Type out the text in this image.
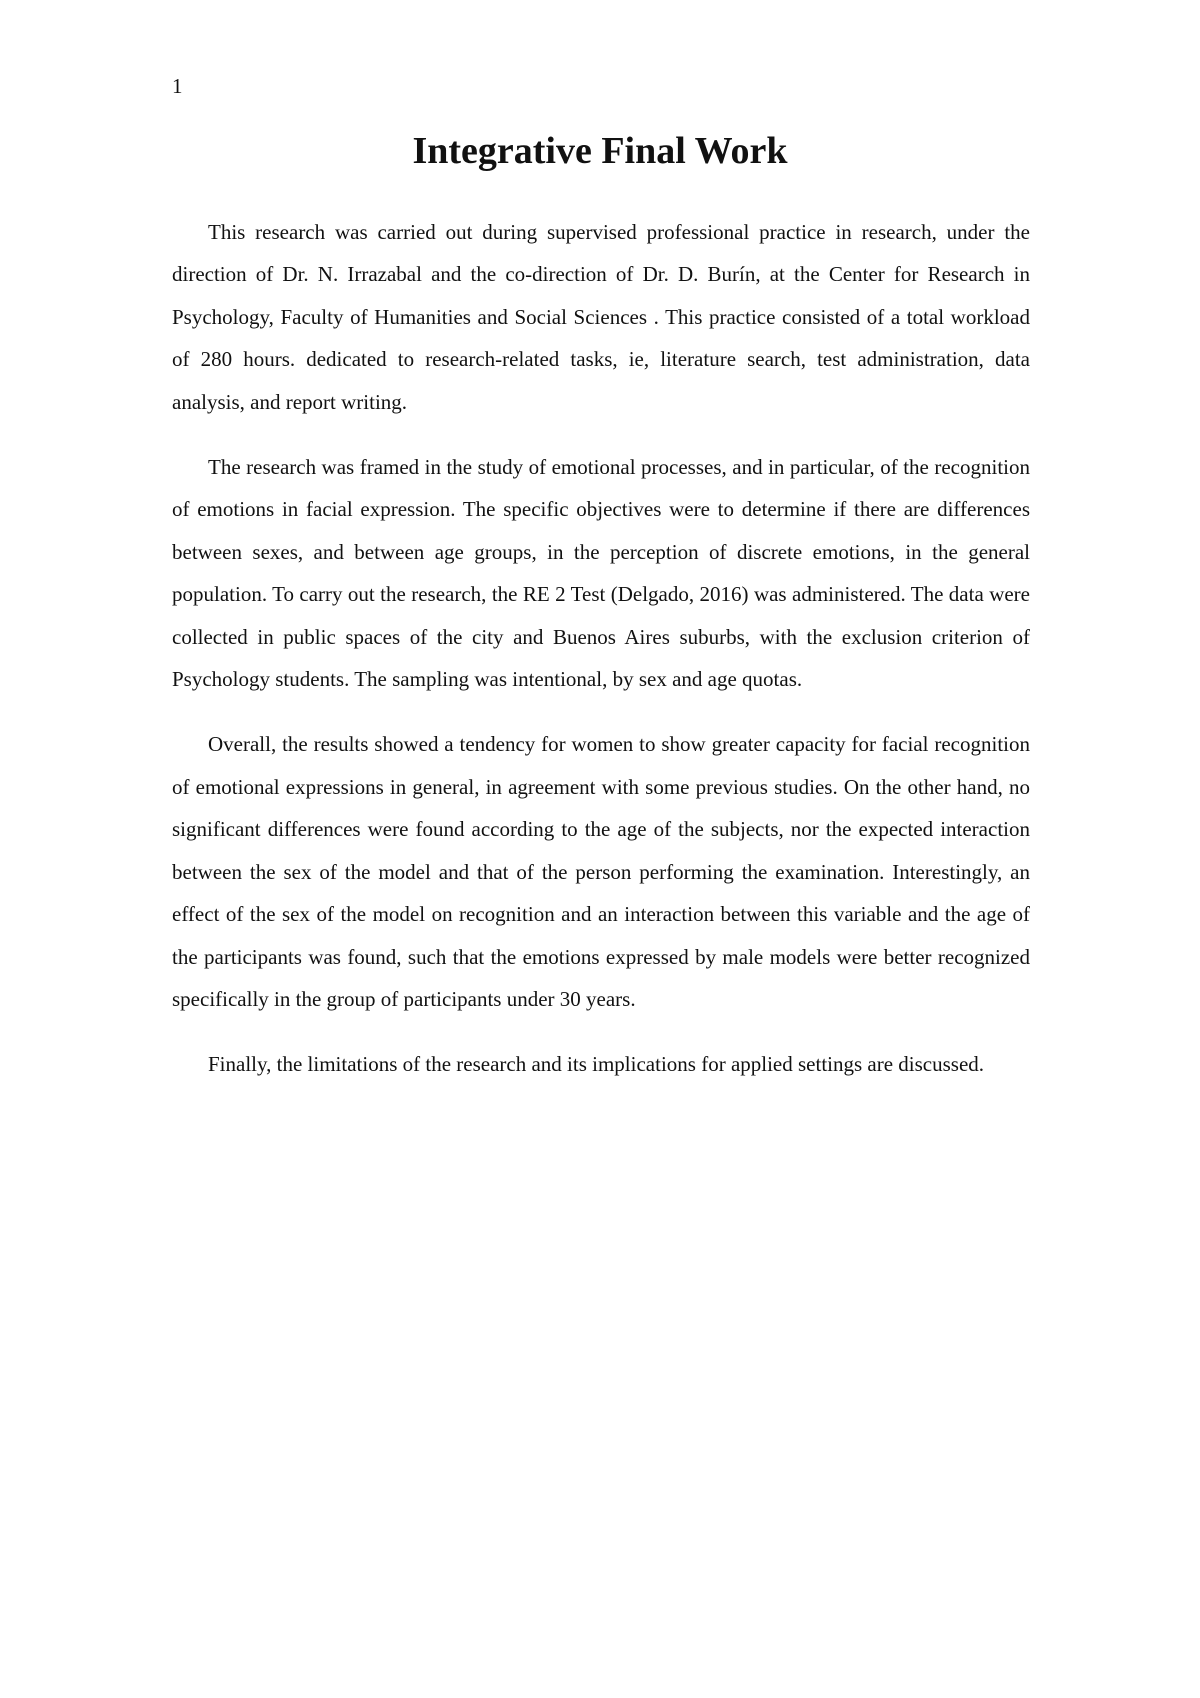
1
Integrative Final Work

This research was carried out during supervised professional practice in research, under the direction of Dr. N. Irrazabal and the co-direction of Dr. D. Burín, at the Center for Research in Psychology, Faculty of Humanities and Social Sciences . This practice consisted of a total workload of 280 hours. dedicated to research-related tasks, ie, literature search, test administration, data analysis, and report writing.

The research was framed in the study of emotional processes, and in particular, of the recognition of emotions in facial expression. The specific objectives were to determine if there are differences between sexes, and between age groups, in the perception of discrete emotions, in the general population. To carry out the research, the RE 2 Test (Delgado, 2016) was administered. The data were collected in public spaces of the city and Buenos Aires suburbs, with the exclusion criterion of Psychology students. The sampling was intentional, by sex and age quotas.

Overall, the results showed a tendency for women to show greater capacity for facial recognition of emotional expressions in general, in agreement with some previous studies. On the other hand, no significant differences were found according to the age of the subjects, nor the expected interaction between the sex of the model and that of the person performing the examination. Interestingly, an effect of the sex of the model on recognition and an interaction between this variable and the age of the participants was found, such that the emotions expressed by male models were better recognized specifically in the group of participants under 30 years.

Finally, the limitations of the research and its implications for applied settings are discussed.
